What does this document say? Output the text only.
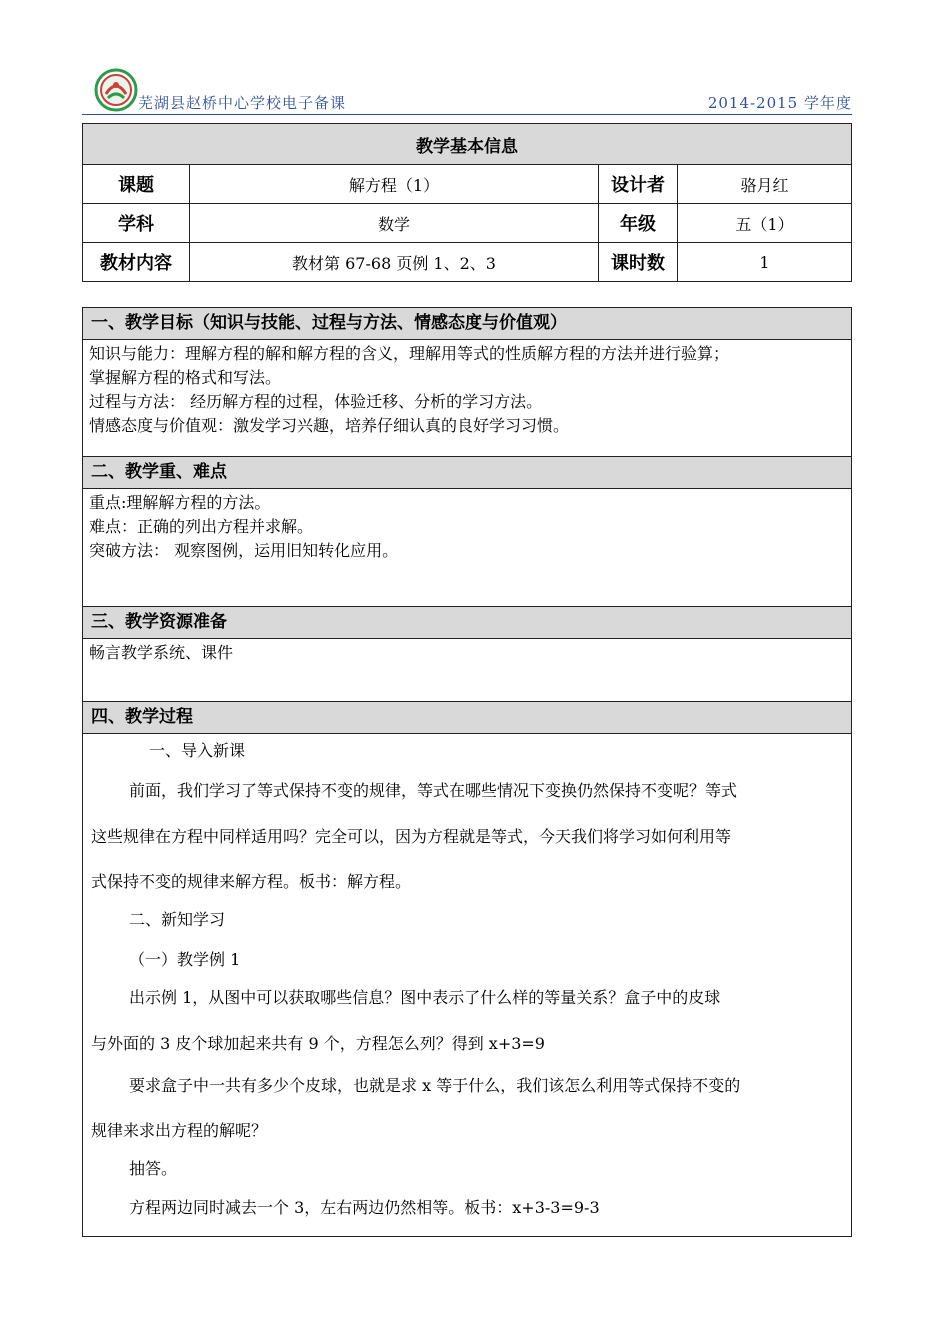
芜湖县赵桥中心学校电子备课	2014-2015 学年度
教学基本信息			
课题	解方程（1）	设计者	骆月红
学科	数学	年级	五（1）
教材内容	教材第 67-68 页例 1、2、3	课时数	1
一、教学目标（知识与技能、过程与方法、情感态度与价值观）
知识与能力：理解方程的解和解方程的含义，理解用等式的性质解方程的方法并进行验算；
掌握解方程的格式和写法。
过程与方法： 经历解方程的过程，体验迁移、分析的学习方法。
情感态度与价值观：激发学习兴趣，培养仔细认真的良好学习习惯。
二、教学重、难点
重点:理解解方程的方法。
难点：正确的列出方程并求解。
突破方法： 观察图例，运用旧知转化应用。
三、教学资源准备
畅言教学系统、课件
四、教学过程
一、导入新课
前面，我们学习了等式保持不变的规律，等式在哪些情况下变换仍然保持不变呢？等式
这些规律在方程中同样适用吗？完全可以，因为方程就是等式，今天我们将学习如何利用等
式保持不变的规律来解方程。板书：解方程。
二、新知学习
（一）教学例 1
出示例 1，从图中可以获取哪些信息？图中表示了什么样的等量关系？盒子中的皮球
与外面的 3 皮个球加起来共有 9 个，方程怎么列？得到 x+3=9
要求盒子中一共有多少个皮球，也就是求 x 等于什么，我们该怎么利用等式保持不变的
规律来求出方程的解呢？
抽答。
方程两边同时减去一个 3，左右两边仍然相等。板书：x+3-3=9-3
